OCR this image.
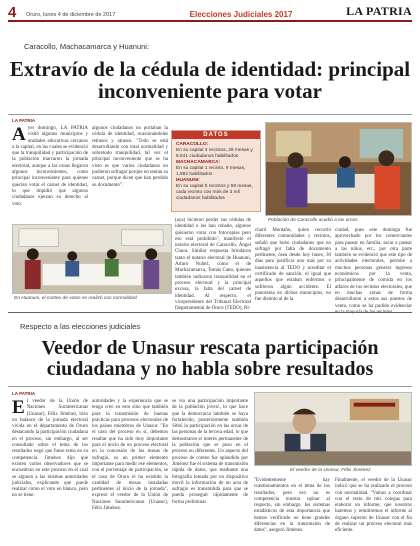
4	Oruro, lunes 4 de diciembre de 2017	Elecciones Judiciales 2017	LA PATRIA
Caracollo, Machacamarca y Huanuni:
Extravío de la cédula de identidad: principal inconveniente para votar
LA PATRIA
Ayer domingo, LA PATRIA visitó algunos municipios y unidades educativas cercanos a la capital, en las cuales se evidenció que la tranquilidad y participación de la población marcaron la jornada electoral, aunque a las urnas llegaron algunos inconvenientes, como principal inconveniente para quienes querían votar el carnet de identidad, lo que impidió que algunos ciudadanos ejerzan su derecho al voto.
algunos ciudadanos no portaban la cédula de identidad, ocasionándoles retrasos y atrasos. "Todo se está desarrollando con total normalidad y sobretodo tranquilidad, tal vez el principal inconveniente que se ha visto es que varios ciudadanos no pudieron sufragar porque no tenían su carnet, porque dicen que han perdido su documento".
DATOS
CARACOLLO:
En su capital 3 recintos, 29 mesas y 6.541 ciudadanos habilitados
MACHACAMARCA:
En su capital 1 recinto, 9 mesas, 1.882 habilitados
HUANUNI:
En su capital 5 recintos y 59 mesas, cada recinto con más de 3 mil ciudadanos habilitados
Población de Caracollo acudió a las urnas
En Huanuni, el conteo de votos se realizó con normalidad
(aya) hicieron perder sus cédulas de identidad o las han robado, algunos quisieron votar con fotocopias pero eso está prohibido", manifestó el notario electoral de Caracollo, Ángel Chura. Similar respuesta brindaron tanto el notario electoral de Huanuni, Arturo Nuñez, como el de Machacamarca, Tomás Cano, quienes también indicaron tranquilidad en el proceso electoral y la principal excusa, la falta del carnet de identidad. Al respecto, el vicepresidente del Tribunal Electoral Departamental de Oruro (TEDO), Ri-
chard Montaño, quien recorrió diferentes comunidades y recintos, señaló que hubo ciudadanos que no sufragó por falta de documento pertinente, ósea desde hoy lunes, 30 días para justificar uno más por su inasistencia al TEDO y acreditar el certificado de sanción, el igual que aquellos que estaban enfermos o sufrieron algún accidente. El panorama en dichos municipios, no fue distinto al de la
ciudad, pues este domingo fue aprovechado por los comerciantes para pasear en familia, sacar a pasear a las niños, etc., por otra parte también se evidenció que este tipo de actividades electorales, permite a muchos personas generar ingresos económicos por la venta, principalmente de comida en los alfaros de los recintos electorales, que en muchas zonas de forma desarrollaron a estos sus puestos de venta, como se ha podido evidenciar
Respecto a las elecciones judiciales
Veedor de Unasur rescata participación ciudadana y no habla sobre resultados
LA PATRIA
El veedor de la Unión de Naciones Suramericanas (Unasur), Félix Jiménez, hizo un balance de la jornada electoral vivida en el departamento de Oruro destacando la participación ciudadana en el proceso, sin embargo, al ser consultado sobre el tema de los resultados negó que fuese tema en su competencia. Jiménez dijo que existen varios observadores que se encuentran en este proceso en el cual se alguien a las mismas autoridades judiciales, explicando que puede realizar como el voto en blanco, pero no se tiene.
autoridades y la experiencia que se tenga creo en esto sino que también para la transmisión de buenas prácticas para procesos electorales de los países miembros de Unasur. "En el caso del proceso en sí, debemos resaltar que ha sido muy importante para el inicio de un proceso electoral en la concesión de los mesas de sufragio, es un primer elemento importante para medir ese elementos, con el porcentaje de participación, se el caso de Oruro el ha existido la cantidad de mesas instaladas pertinentes al inicio de la jornada", expresó el veedor de la Unión de Naciones Suramericanas (Unasur), Félix Jiménez.
se vio una participación importante de la población joven\, lo que hace que la democracia también se haya fortalecido, posteriormente también Sitbú la participación en las urnas de las personas de la tercera edad, lo que demostraron el interés permanente de la población que se puso en el proceso en diferentes. Un aspecto del proceso de conteo fue aplaudido por Jiménez fue el sistema de transmisión rápida de datos, que mediante una fotografía tomada por un dispositivo movil la información de un acta de sufragio es transmitida para que se pueda proseguir rápidamente de forma preliminar.
El veedor de la Unasur, Félix Jiménez
"Evidentemente hay cuestionamientos en el tema de los resultados, pero eso no es competencia nuestra opinar al respecto, sin embargo, los sistemas estadísticos de esta importancia que hemos verificado no tiene grandes diferencias en la transmisión de datos", aseguró Jiménez.
Finalmente, el veedor de la Unasur indicó que se ha realizado el proceso con normalidad. "Vamos a coordinar con el resto de mis colegas para elaborar un informe, que nosotros haremos y remitiremos el informe al órgano superior de Unasur con el fin de realizar un proceso electoral más eficiente.
